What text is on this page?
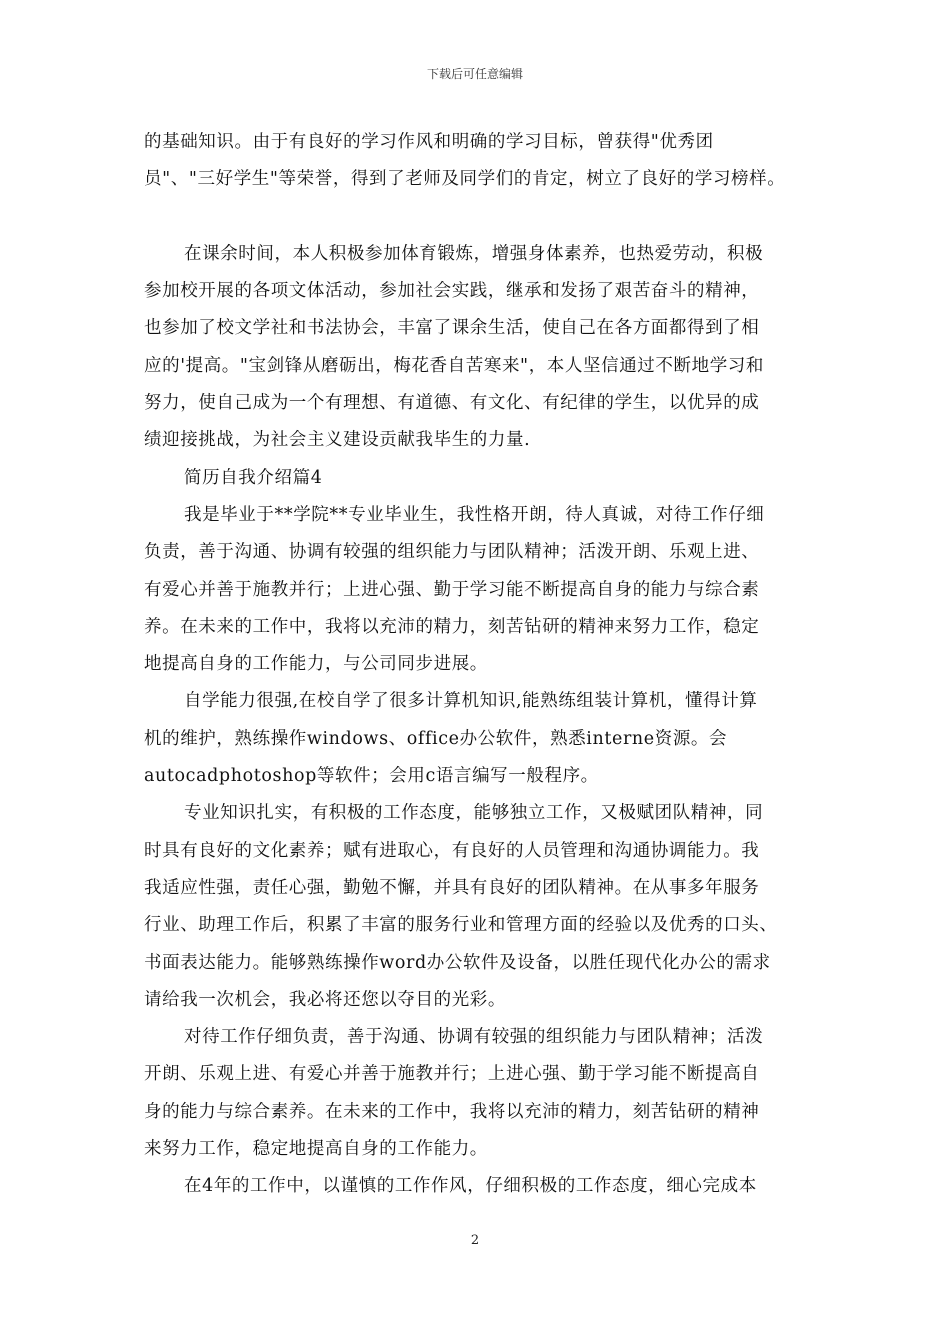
下载后可任意编辑
的基础知识。由于有良好的学习作风和明确的学习目标，曾获得"优秀团
员"、"三好学生"等荣誉，得到了老师及同学们的肯定，树立了良好的学习榜样。
在课余时间，本人积极参加体育锻炼，增强身体素养，也热爱劳动，积极
参加校开展的各项文体活动，参加社会实践，继承和发扬了艰苦奋斗的精神，
也参加了校文学社和书法协会，丰富了课余生活，使自己在各方面都得到了相
应的'提高。"宝剑锋从磨砺出，梅花香自苦寒来"，本人坚信通过不断地学习和
努力，使自己成为一个有理想、有道德、有文化、有纪律的学生，以优异的成
绩迎接挑战，为社会主义建设贡献我毕生的力量.
简历自我介绍篇4
我是毕业于**学院**专业毕业生，我性格开朗，待人真诚，对待工作仔细
负责，善于沟通、协调有较强的组织能力与团队精神；活泼开朗、乐观上进、
有爱心并善于施教并行；上进心强、勤于学习能不断提高自身的能力与综合素
养。在未来的工作中，我将以充沛的精力，刻苦钻研的精神来努力工作，稳定
地提高自身的工作能力，与公司同步进展。
自学能力很强,在校自学了很多计算机知识,能熟练组装计算机，懂得计算
机的维护，熟练操作windows、office办公软件，熟悉interne资源。会
autocadphotoshop等软件；会用c语言编写一般程序。
专业知识扎实，有积极的工作态度，能够独立工作，又极赋团队精神，同
时具有良好的文化素养；赋有进取心，有良好的人员管理和沟通协调能力。我
我适应性强，责任心强，勤勉不懈，并具有良好的团队精神。在从事多年服务
行业、助理工作后，积累了丰富的服务行业和管理方面的经验以及优秀的口头、
书面表达能力。能够熟练操作word办公软件及设备，以胜任现代化办公的需求
请给我一次机会，我必将还您以夺目的光彩。
对待工作仔细负责，善于沟通、协调有较强的组织能力与团队精神；活泼
开朗、乐观上进、有爱心并善于施教并行；上进心强、勤于学习能不断提高自
身的能力与综合素养。在未来的工作中，我将以充沛的精力，刻苦钻研的精神
来努力工作，稳定地提高自身的工作能力。
在4年的工作中，以谨慎的工作作风，仔细积极的工作态度，细心完成本
2
